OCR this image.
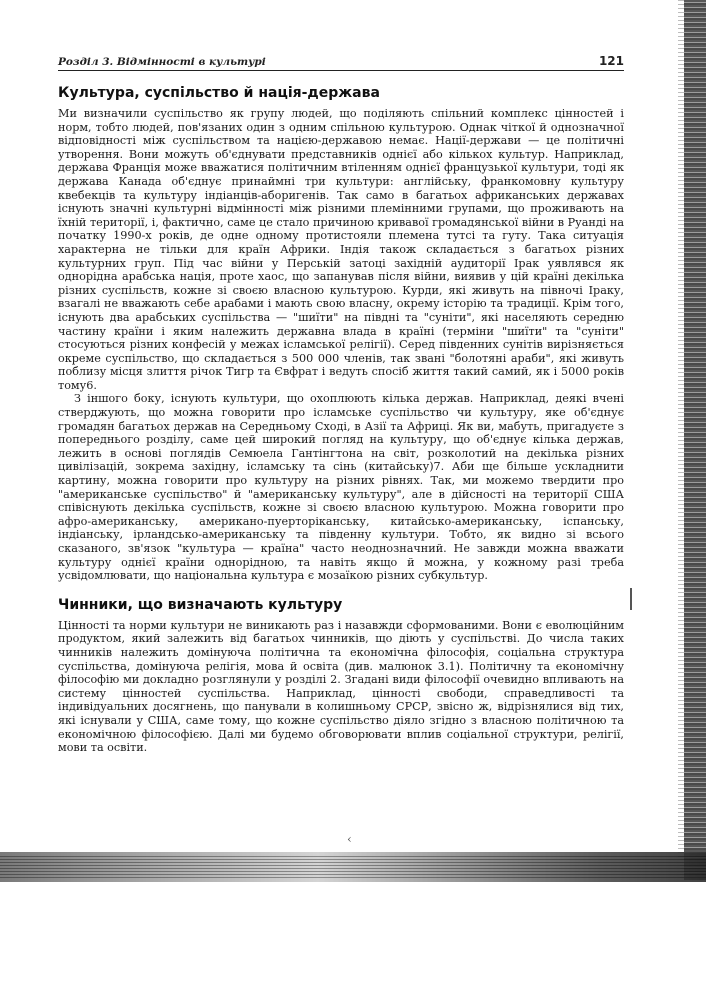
Розділ 3. Відмінності в культурі	121
Культура, суспільство й нація-держава

Ми визначили суспільство як групу людей, що поділяють спільний комплекс цінностей і норм, тобто людей, пов'язаних один з одним спільною культурою. Однак чіткої й однозначної відповідності між суспільством та нацією-державою немає. Нації-держави — це політичні утворення. Вони можуть об'єднувати представників однієї або кількох культур. Наприклад, держава Франція може вважатися політичним втіленням однієї французької культури, тоді як держава Канада об'єднує принаймні три культури: англійську, франкомовну культуру квебекців та культуру індіанців-аборигенів. Так само в багатьох африканських державах існують значні культурні відмінності між різними племінними групами, що проживають на їхній території, і, фактично, саме це стало причиною кривавої громадянської війни в Руанді на початку 1990-х років, де одне одному протистояли племена тутсі та гуту. Така ситуація характерна не тільки для країн Африки. Індія також складається з багатьох різних культурних груп. Під час війни у Перській затоці західній аудиторії Ірак уявлявся як однорідна арабська нація, проте хаос, що запанував після війни, виявив у цій країні декілька різних суспільств, кожне зі своєю власною культурою. Курди, які живуть на півночі Іраку, взагалі не вважають себе арабами і мають свою власну, окрему історію та традиції. Крім того, існують два арабських суспільства — "шиїти" на півдні та "суніти", які населяють середню частину країни і яким належить державна влада в країні (терміни "шиїти" та "суніти" стосуються різних конфесій у межах ісламської релігії). Серед південних сунітів вирізняється окреме суспільство, що складається з 500 000 членів, так звані "болотяні араби", які живуть поблизу місця злиття річок Тигр та Євфрат і ведуть спосіб життя такий самий, як і 5000 років тому6.

З іншого боку, існують культури, що охоплюють кілька держав. Наприклад, деякі вчені стверджують, що можна говорити про ісламське суспільство чи культуру, яке об'єднує громадян багатьох держав на Середньому Сході, в Азії та Африці. Як ви, мабуть, пригадуєте з попереднього розділу, саме цей широкий погляд на культуру, що об'єднує кілька держав, лежить в основі поглядів Семюела Гантінгтона на світ, розколотий на декілька різних цивілізацій, зокрема західну, ісламську та сінь (китайську)7. Аби ще більше ускладнити картину, можна говорити про культуру на різних рівнях. Так, ми можемо твердити про "американське суспільство" й "американську культуру", але в дійсності на території США співіснують декілька суспільств, кожне зі своєю власною культурою. Можна говорити про афро-американську, американо-пуерторіканську, китайсько-американську, іспанську, індіанську, ірландсько-американську та південну культури. Тобто, як видно зі всього сказаного, зв'язок "культура — країна" часто неоднозначний. Не завжди можна вважати культуру однієї країни однорідною, та навіть якщо й можна, у кожному разі треба усвідомлювати, що національна культура є мозаїкою різних субкультур.

Чинники, що визначають культуру

Цінності та норми культури не виникають раз і назавжди сформованими. Вони є еволюційним продуктом, який залежить від багатьох чинників, що діють у суспільстві. До числа таких чинників належить домінуюча політична та економічна філософія, соціальна структура суспільства, домінуюча релігія, мова й освіта (див. малюнок 3.1). Політичну та економічну філософію ми докладно розглянули у розділі 2. Згадані види філософії очевидно впливають на систему цінностей суспільства. Наприклад, цінності свободи, справедливості та індивідуальних досягнень, що панували в колишньому СРСР, звісно ж, відрізнялися від тих, які існували у США, саме тому, що кожне суспільство діяло згідно з власною політичною та економічною філософією. Далі ми будемо обговорювати вплив соціальної структури, релігії, мови та освіти.

‹
